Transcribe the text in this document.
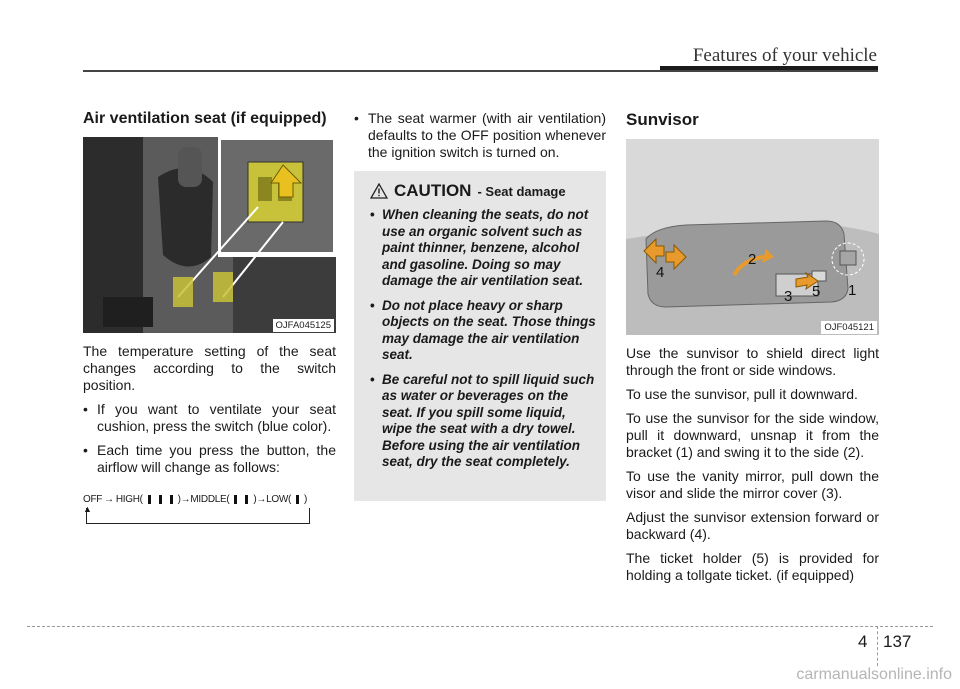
Features of your vehicle
Air ventilation seat (if equipped)
OJFA045125

The temperature setting of the seat changes according to the switch position.

• If you want to ventilate your seat cushion, press the switch (blue color).
• Each time you press the button, the airflow will change as follows:
OFF → HIGH(	)→MIDDLE( )→LOW( )
▲
• The seat warmer (with air ventilation) defaults to the OFF position whenever the ignition switch is turned on.
CAUTION - Seat damage
• When cleaning the seats, do not use an organic solvent such as paint thinner, benzene, alcohol and gasoline. Doing so may damage the air ventilation seat.
• Do not place heavy or sharp objects on the seat. Those things may damage the air ventilation seat.
• Be careful not to spill liquid such as water or beverages on the seat. If you spill some liquid, wipe the seat with a dry towel. Before using the air ventilation seat, dry the seat completely.
Sunvisor
1
2
3
4
5
OJF045121

Use the sunvisor to shield direct light through the front or side windows.

To use the sunvisor, pull it downward.

To use the sunvisor for the side window, pull it downward, unsnap it from the bracket (1) and swing it to the side (2).

To use the vanity mirror, pull down the visor and slide the mirror cover (3).

Adjust the sunvisor extension forward or backward (4).

The ticket holder (5) is provided for holding a tollgate ticket. (if equipped)

4 137
carmanualsonline.info
